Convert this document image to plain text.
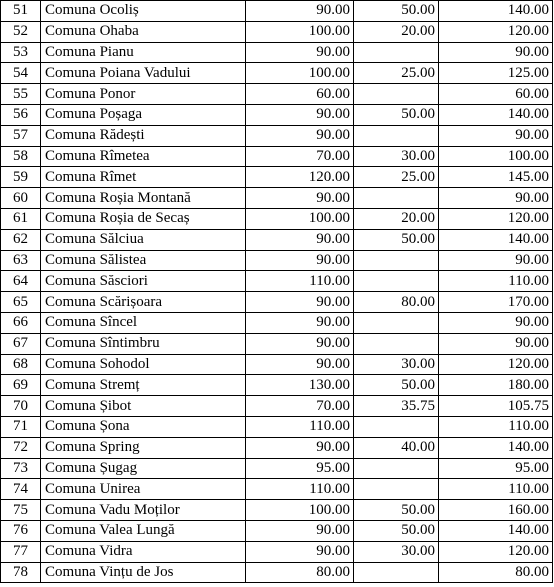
51	Comuna Ocoliș	90.00	50.00	140.00
52	Comuna Ohaba	100.00	20.00	120.00
53	Comuna Pianu	90.00		90.00
54	Comuna Poiana Vadului	100.00	25.00	125.00
55	Comuna Ponor	60.00		60.00
56	Comuna Poșaga	90.00	50.00	140.00
57	Comuna Rădești	90.00		90.00
58	Comuna Rîmetea	70.00	30.00	100.00
59	Comuna Rîmet	120.00	25.00	145.00
60	Comuna Roșia Montană	90.00		90.00
61	Comuna Roșia de Secaș	100.00	20.00	120.00
62	Comuna Sălciua	90.00	50.00	140.00
63	Comuna Sălistea	90.00		90.00
64	Comuna Săsciori	110.00		110.00
65	Comuna Scărișoara	90.00	80.00	170.00
66	Comuna Sîncel	90.00		90.00
67	Comuna Sîntimbru	90.00		90.00
68	Comuna Sohodol	90.00	30.00	120.00
69	Comuna Stremț	130.00	50.00	180.00
70	Comuna Șibot	70.00	35.75	105.75
71	Comuna Șona	110.00		110.00
72	Comuna Spring	90.00	40.00	140.00
73	Comuna Șugag	95.00		95.00
74	Comuna Unirea	110.00		110.00
75	Comuna Vadu Moților	100.00	50.00	160.00
76	Comuna Valea Lungă	90.00	50.00	140.00
77	Comuna Vidra	90.00	30.00	120.00
78	Comuna Vințu de Jos	80.00		80.00
